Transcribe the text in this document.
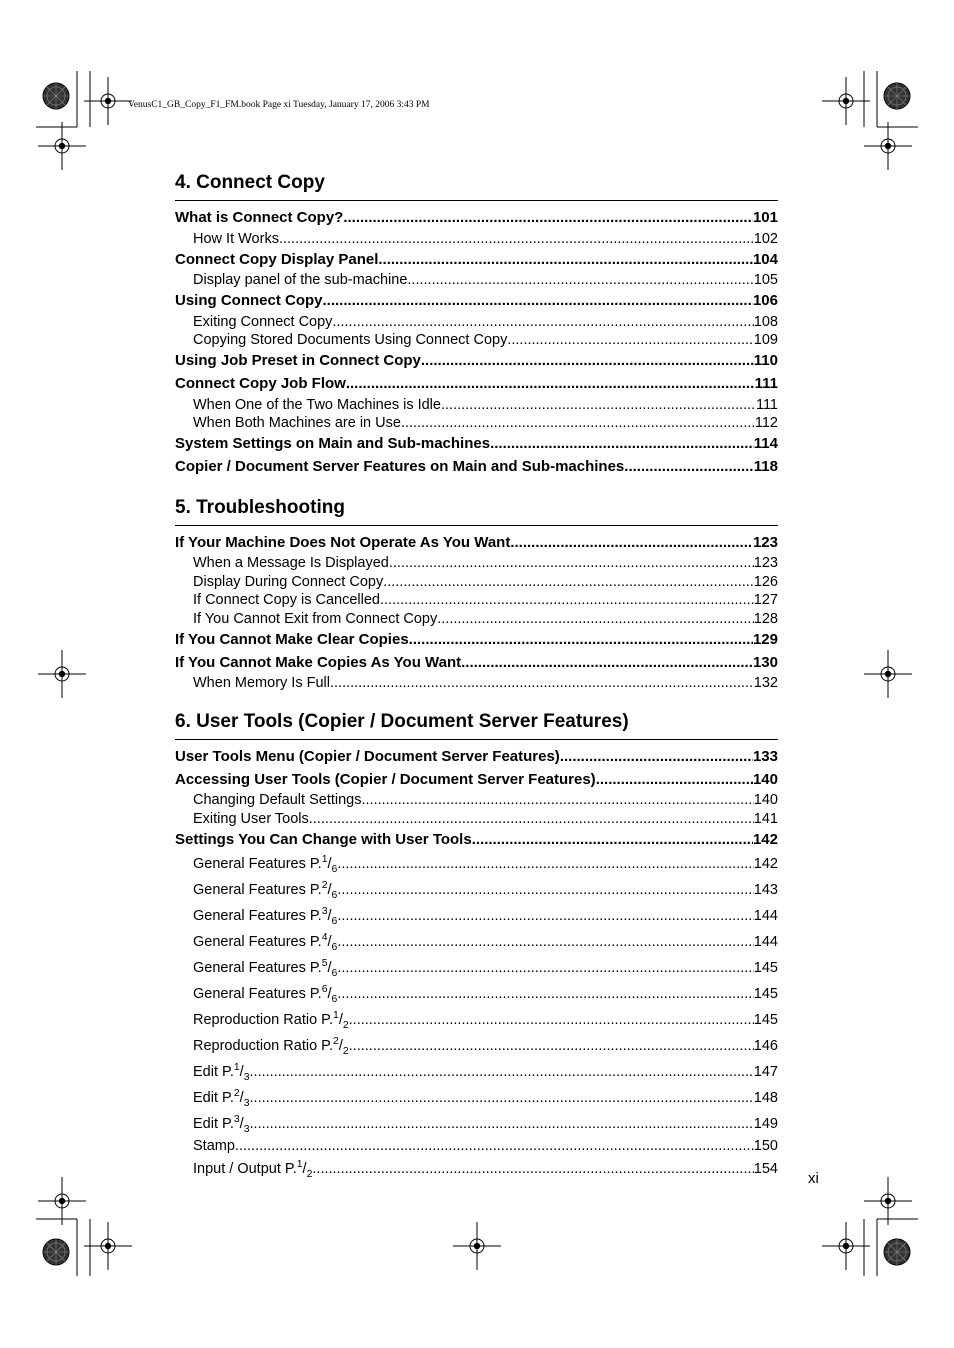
VenusC1_GB_Copy_F1_FM.book Page xi Tuesday, January 17, 2006 3:43 PM
4. Connect Copy
What is Connect Copy? .....	101
How It Works .....	102
Connect Copy Display Panel .....	104
Display panel of the sub-machine .....	105
Using Connect Copy .....	106
Exiting Connect Copy .....	108
Copying Stored Documents Using Connect Copy .....	109
Using Job Preset in Connect Copy .....	110
Connect Copy Job Flow .....	111
When One of the Two Machines is Idle .....	111
When Both Machines are in Use .....	112
System Settings on Main and Sub-machines .....	114
Copier / Document Server Features on Main and Sub-machines .....	118
5. Troubleshooting
If Your Machine Does Not Operate As You Want .....	123
When a Message Is Displayed .....	123
Display During Connect Copy .....	126
If Connect Copy is Cancelled .....	127
If You Cannot Exit from Connect Copy .....	128
If You Cannot Make Clear Copies .....	129
If You Cannot Make Copies As You Want .....	130
When Memory Is Full .....	132
6. User Tools (Copier / Document Server Features)
User Tools Menu (Copier / Document Server Features) .....	133
Accessing User Tools (Copier / Document Server Features) .....	140
Changing Default Settings .....	140
Exiting User Tools .....	141
Settings You Can Change with User Tools .....	142
General Features $P.^1/_6$ .....	142
General Features $P.^2/_6$ .....	143
General Features $P.^3/_6$ .....	144
General Features $P.^4/_6$ .....	144
General Features $P.^5/_6$ .....	145
General Features $P.^6/_6$ .....	145
Reproduction Ratio $P.^1/_2$ .....	145
Reproduction Ratio $P.^2/_2$ .....	146
Edit $P.^1/_3$ .....	147
Edit $P.^2/_3$ .....	148
Edit $P.^3/_3$ .....	149
Stamp .....	150
Input / Output $P.^1/_2$ .....	154
xi
